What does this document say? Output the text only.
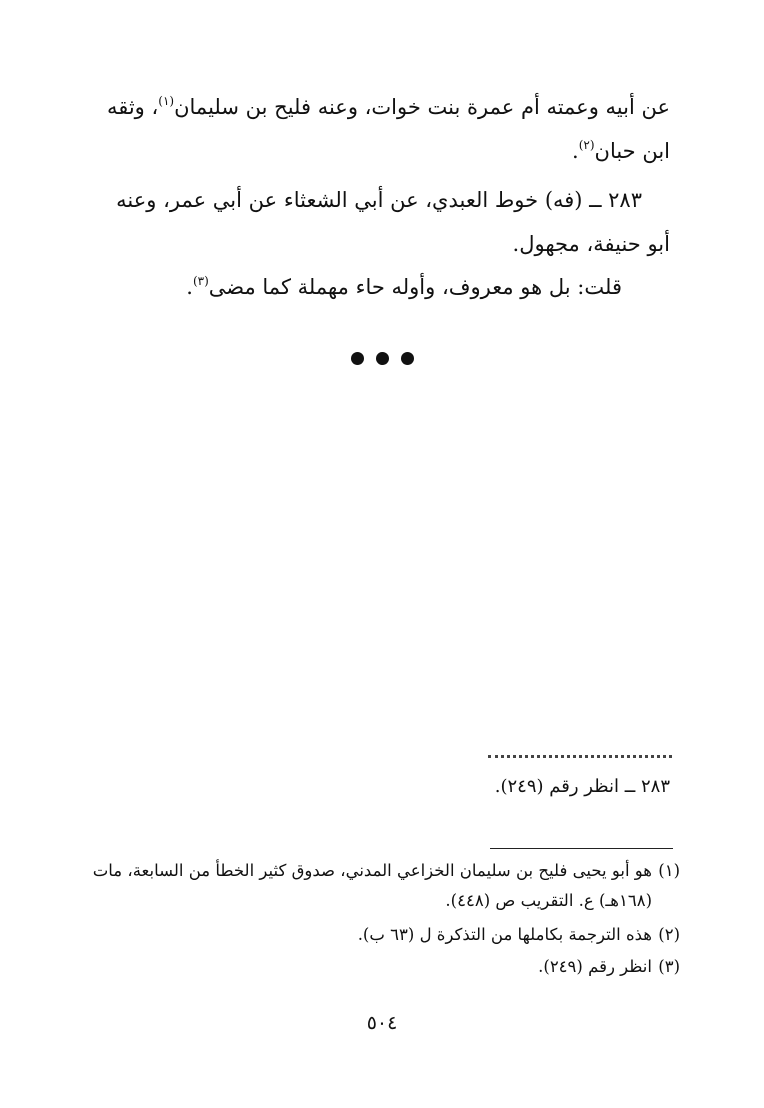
عن أبيه وعمته أم عمرة بنت خوات، وعنه فليح بن سليمان$^{(١)}$، وثقه
ابن حبان$^{(٢)}$.
٢٨٣ ــ (فه) خوط العبدي، عن أبي الشعثاء عن أبي عمر، وعنه
أبو حنيفة، مجهول.
قلت: بل هو معروف، وأوله حاء مهملة كما مضى$^{(٣)}$.
٢٨٣ ــ انظر رقم (٢٤٩).
(١)هو أبو يحيى فليح بن سليمان الخزاعي المدني، صدوق كثير الخطأ من السابعة، مات
(١٦٨هـ) ع. التقريب ص (٤٤٨).
(٢)هذه الترجمة بكاملها من التذكرة ل (٦٣ ب).
(٣)انظر رقم (٢٤٩).
٥٠٤
